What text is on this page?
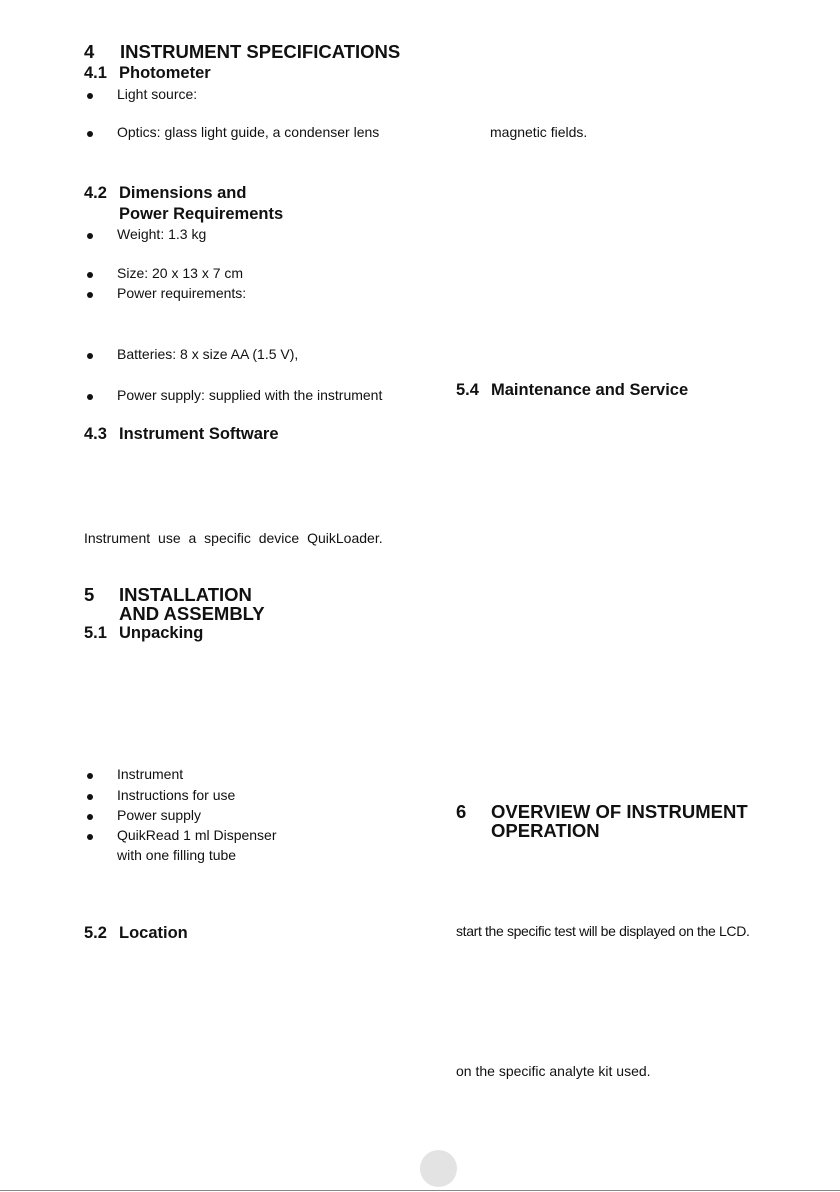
4 INSTRUMENT SPECIFICATIONS
4.1 Photometer
Light source:
Optics: glass light guide, a condenser lens
4.2 Dimensions and
Power Requirements
Weight: 1.3 kg
Size: 20 x 13 x 7 cm
Power requirements:
Batteries: 8 x size AA (1.5 V),
Power supply: supplied with the instrument
4.3 Instrument Software
Instrument use a specific device QuikLoader.
5 INSTALLATION
AND ASSEMBLY
5.1 Unpacking
Instrument
Instructions for use
Power supply
QuikRead 1 ml Dispenser
with one filling tube
5.2 Location
magnetic fields.
5.4 Maintenance and Service
6 OVERVIEW OF INSTRUMENT
OPERATION
start the specific test will be displayed on the LCD.
on the specific analyte kit used.
